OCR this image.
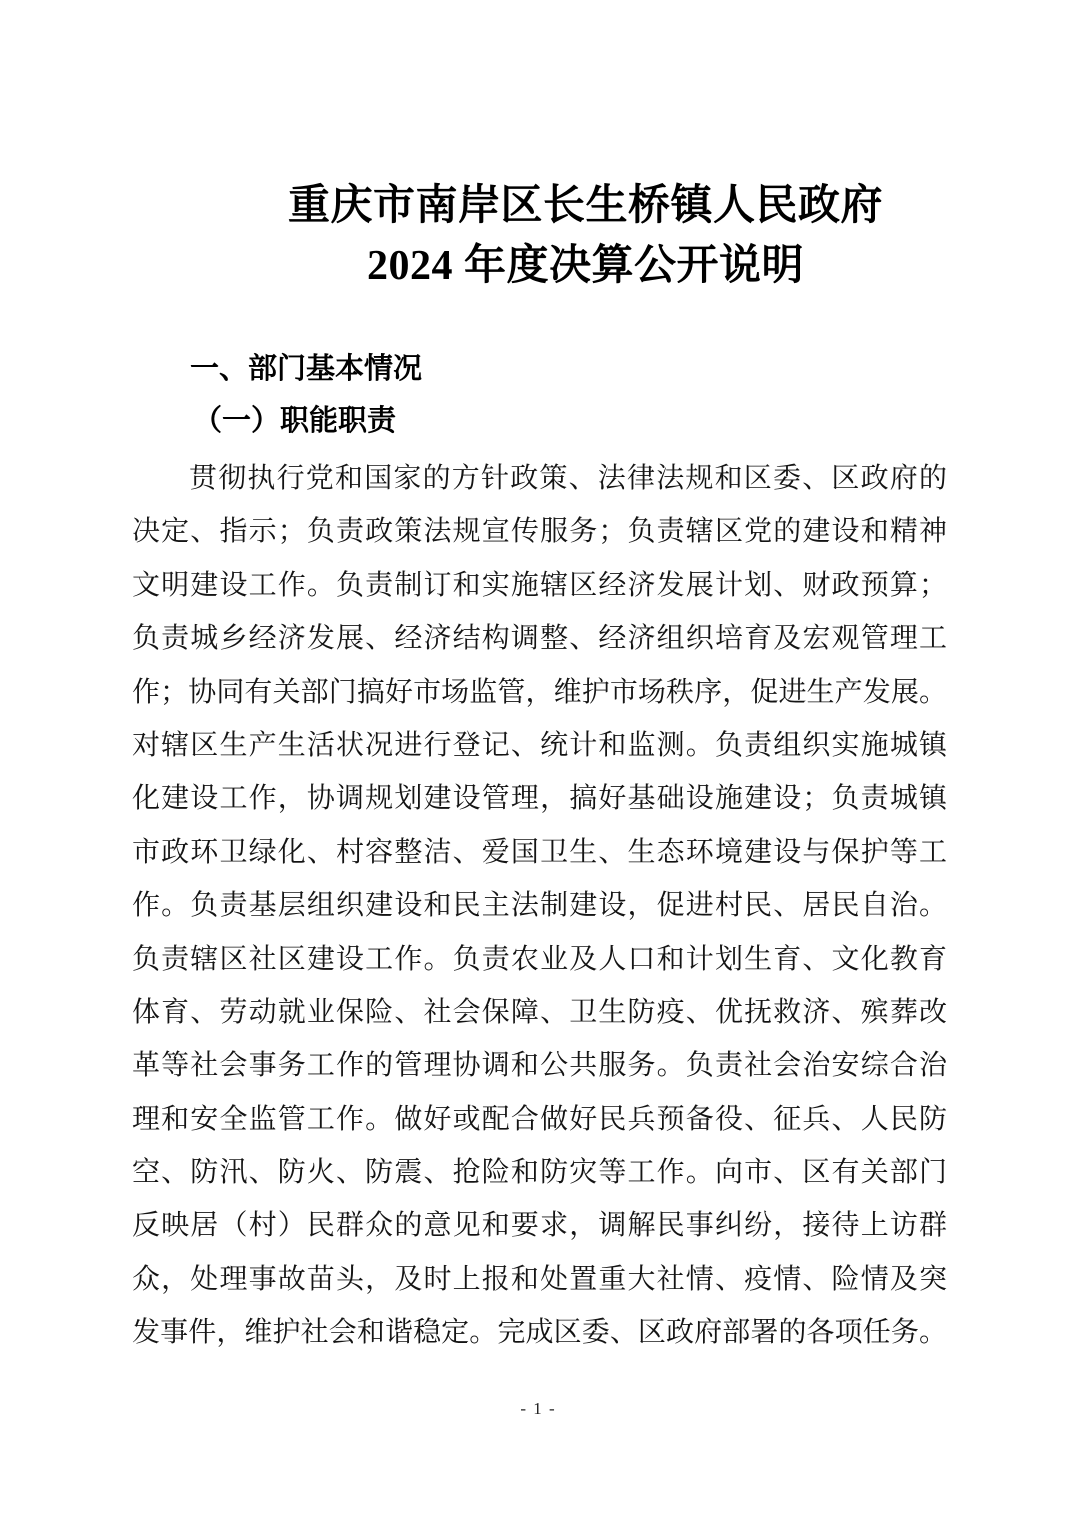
重庆市南岸区长生桥镇人民政府
2024 年度决算公开说明
一、部门基本情况
（一）职能职责
贯彻执行党和国家的方针政策、法律法规和区委、区政府的
决定、指示；负责政策法规宣传服务；负责辖区党的建设和精神
文明建设工作。负责制订和实施辖区经济发展计划、财政预算；
负责城乡经济发展、经济结构调整、经济组织培育及宏观管理工
作；协同有关部门搞好市场监管，维护市场秩序，促进生产发展。
对辖区生产生活状况进行登记、统计和监测。负责组织实施城镇
化建设工作，协调规划建设管理，搞好基础设施建设；负责城镇
市政环卫绿化、村容整洁、爱国卫生、生态环境建设与保护等工
作。负责基层组织建设和民主法制建设，促进村民、居民自治。
负责辖区社区建设工作。负责农业及人口和计划生育、文化教育
体育、劳动就业保险、社会保障、卫生防疫、优抚救济、殡葬改
革等社会事务工作的管理协调和公共服务。负责社会治安综合治
理和安全监管工作。做好或配合做好民兵预备役、征兵、人民防
空、防汛、防火、防震、抢险和防灾等工作。向市、区有关部门
反映居（村）民群众的意见和要求，调解民事纠纷，接待上访群
众，处理事故苗头，及时上报和处置重大社情、疫情、险情及突
发事件，维护社会和谐稳定。完成区委、区政府部署的各项任务。
- 1 -
